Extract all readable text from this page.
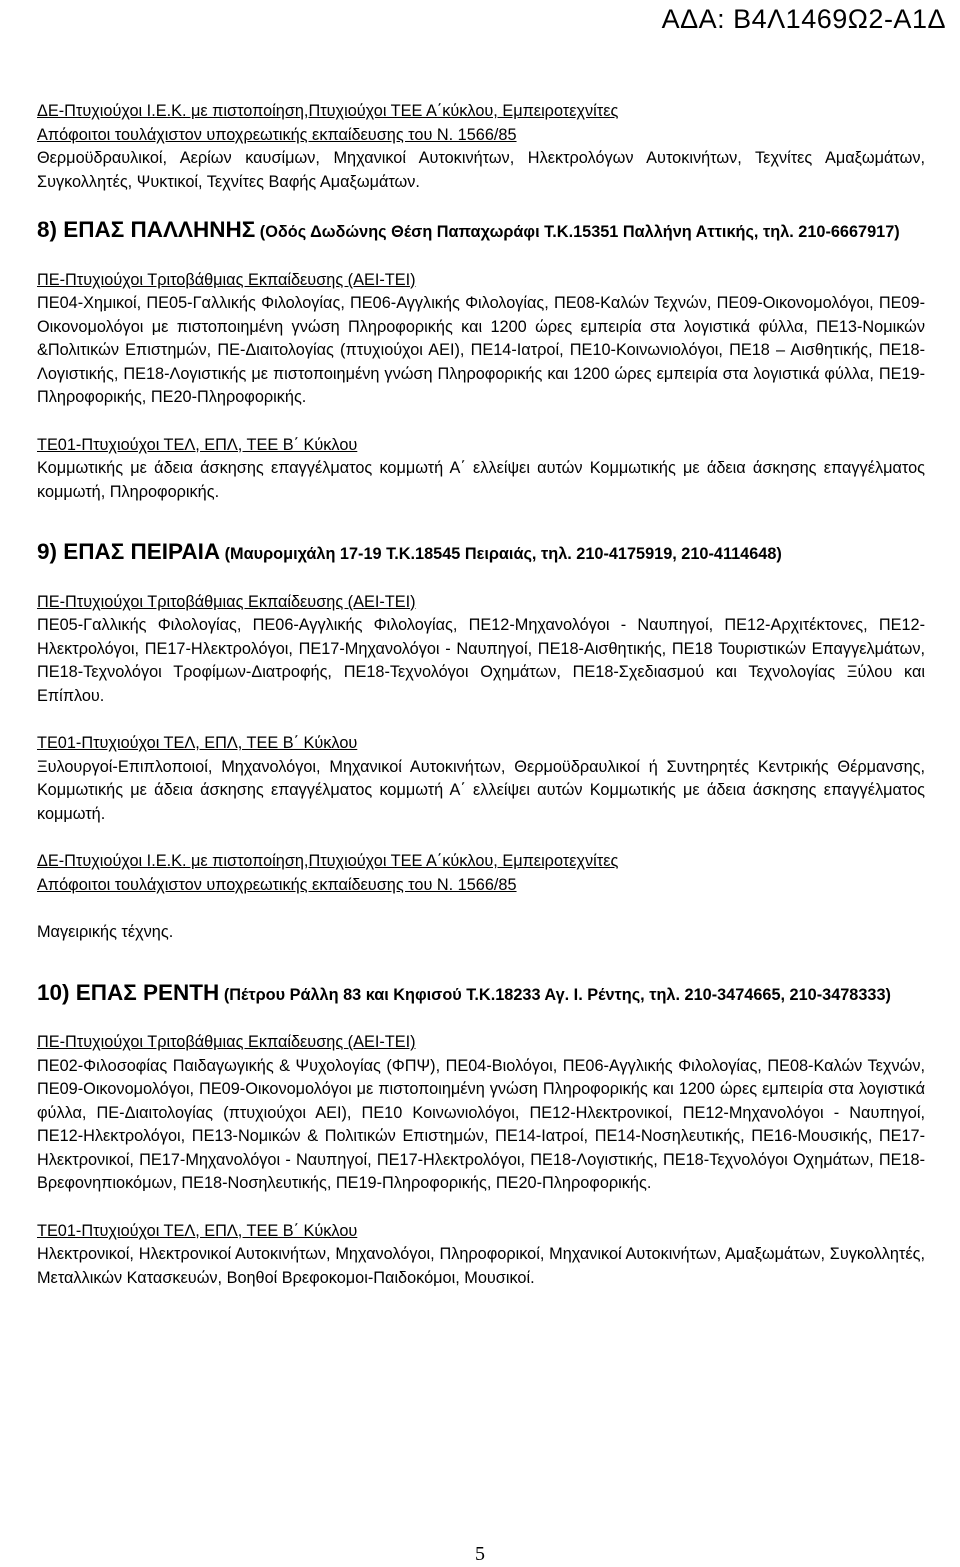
ΑΔΑ: Β4Λ1469Ω2-Α1Δ
ΔΕ-Πτυχιούχοι Ι.Ε.Κ. με πιστοποίηση,Πτυχιούχοι ΤΕΕ Α΄κύκλου, Εμπειροτεχνίτες
Απόφοιτοι τουλάχιστον υποχρεωτικής εκπαίδευσης του Ν. 1566/85

Θερμοϋδραυλικοί, Αερίων καυσίμων, Μηχανικοί Αυτοκινήτων, Ηλεκτρολόγων Αυτοκινήτων, Τεχνίτες Αμαξωμάτων, Συγκολλητές, Ψυκτικοί, Τεχνίτες Βαφής Αμαξωμάτων.

8) ΕΠΑΣ ΠΑΛΛΗΝΗΣ (Οδός Δωδώνης Θέση Παπαχωράφι Τ.Κ.15351 Παλλήνη Αττικής, τηλ. 210-6667917)

ΠΕ-Πτυχιούχοι Τριτοβάθμιας Εκπαίδευσης (ΑΕΙ-ΤΕΙ)

ΠΕ04-Χημικοί, ΠΕ05-Γαλλικής Φιλολογίας, ΠΕ06-Αγγλικής Φιλολογίας, ΠΕ08-Καλών Τεχνών, ΠΕ09-Οικονομολόγοι, ΠΕ09-Οικονομολόγοι με πιστοποιημένη γνώση Πληροφορικής και 1200 ώρες εμπειρία στα λογιστικά φύλλα, ΠΕ13-Νομικών &Πολιτικών Επιστημών, ΠΕ-Διαιτολογίας (πτυχιούχοι ΑΕΙ), ΠΕ14-Ιατροί, ΠΕ10-Κοινωνιολόγοι, ΠΕ18 – Αισθητικής, ΠΕ18-Λογιστικής, ΠΕ18-Λογιστικής με πιστοποιημένη γνώση Πληροφορικής και 1200 ώρες εμπειρία στα λογιστικά φύλλα, ΠΕ19-Πληροφορικής, ΠΕ20-Πληροφορικής.

ΤΕ01-Πτυχιούχοι ΤΕΛ, ΕΠΛ, ΤΕΕ Β΄ Κύκλου

Κομμωτικής με άδεια άσκησης επαγγέλματος κομμωτή Α΄ ελλείψει αυτών Κομμωτικής με άδεια άσκησης επαγγέλματος κομμωτή, Πληροφορικής.

9) ΕΠΑΣ ΠΕΙΡΑΙΑ (Μαυρομιχάλη 17-19 Τ.Κ.18545 Πειραιάς, τηλ. 210-4175919, 210-4114648)

ΠΕ-Πτυχιούχοι Τριτοβάθμιας Εκπαίδευσης (ΑΕΙ-ΤΕΙ)

ΠΕ05-Γαλλικής Φιλολογίας, ΠΕ06-Αγγλικής Φιλολογίας, ΠΕ12-Μηχανολόγοι - Ναυπηγοί, ΠΕ12-Αρχιτέκτονες, ΠΕ12-Ηλεκτρολόγοι, ΠΕ17-Ηλεκτρολόγοι, ΠΕ17-Μηχανολόγοι - Ναυπηγοί, ΠΕ18-Αισθητικής, ΠΕ18 Τουριστικών Επαγγελμάτων, ΠΕ18-Τεχνολόγοι Τροφίμων-Διατροφής, ΠΕ18-Τεχνολόγοι Οχημάτων, ΠΕ18-Σχεδιασμού και Τεχνολογίας Ξύλου και Επίπλου.

ΤΕ01-Πτυχιούχοι ΤΕΛ, ΕΠΛ, ΤΕΕ Β΄ Κύκλου

Ξυλουργοί-Επιπλοποιοί, Μηχανολόγοι, Μηχανικοί Αυτοκινήτων, Θερμοϋδραυλικοί ή Συντηρητές Κεντρικής Θέρμανσης, Κομμωτικής με άδεια άσκησης επαγγέλματος κομμωτή Α΄ ελλείψει αυτών Κομμωτικής με άδεια άσκησης επαγγέλματος κομμωτή.

ΔΕ-Πτυχιούχοι Ι.Ε.Κ. με πιστοποίηση,Πτυχιούχοι ΤΕΕ Α΄κύκλου, Εμπειροτεχνίτες
Απόφοιτοι τουλάχιστον υποχρεωτικής εκπαίδευσης του Ν. 1566/85

Μαγειρικής τέχνης.

10) ΕΠΑΣ ΡΕΝΤΗ (Πέτρου Ράλλη 83 και Κηφισού Τ.Κ.18233 Αγ. Ι. Ρέντης, τηλ. 210-3474665, 210-3478333)

ΠΕ-Πτυχιούχοι Τριτοβάθμιας Εκπαίδευσης (ΑΕΙ-ΤΕΙ)

ΠΕ02-Φιλοσοφίας Παιδαγωγικής & Ψυχολογίας (ΦΠΨ), ΠΕ04-Βιολόγοι, ΠΕ06-Αγγλικής Φιλολογίας, ΠΕ08-Καλών Τεχνών, ΠΕ09-Οικονομολόγοι, ΠΕ09-Οικονομολόγοι με πιστοποιημένη γνώση Πληροφορικής και 1200 ώρες εμπειρία στα λογιστικά φύλλα, ΠΕ-Διαιτολογίας (πτυχιούχοι ΑΕΙ), ΠΕ10 Κοινωνιολόγοι, ΠΕ12-Ηλεκτρονικοί, ΠΕ12-Μηχανολόγοι - Ναυπηγοί, ΠΕ12-Ηλεκτρολόγοι, ΠΕ13-Νομικών & Πολιτικών Επιστημών, ΠΕ14-Ιατροί, ΠΕ14-Νοσηλευτικής, ΠΕ16-Μουσικής, ΠΕ17-Ηλεκτρονικοί, ΠΕ17-Μηχανολόγοι - Ναυπηγοί, ΠΕ17-Ηλεκτρολόγοι, ΠΕ18-Λογιστικής, ΠΕ18-Τεχνολόγοι Οχημάτων, ΠΕ18-Βρεφονηπιοκόμων, ΠΕ18-Νοσηλευτικής, ΠΕ19-Πληροφορικής, ΠΕ20-Πληροφορικής.

ΤΕ01-Πτυχιούχοι ΤΕΛ, ΕΠΛ, ΤΕΕ Β΄ Κύκλου

Ηλεκτρονικοί, Ηλεκτρονικοί Αυτοκινήτων, Μηχανολόγοι, Πληροφορικοί, Μηχανικοί Αυτοκινήτων, Αμαξωμάτων, Συγκολλητές, Μεταλλικών Κατασκευών, Βοηθοί Βρεφοκομοι-Παιδοκόμοι, Μουσικοί.

5
